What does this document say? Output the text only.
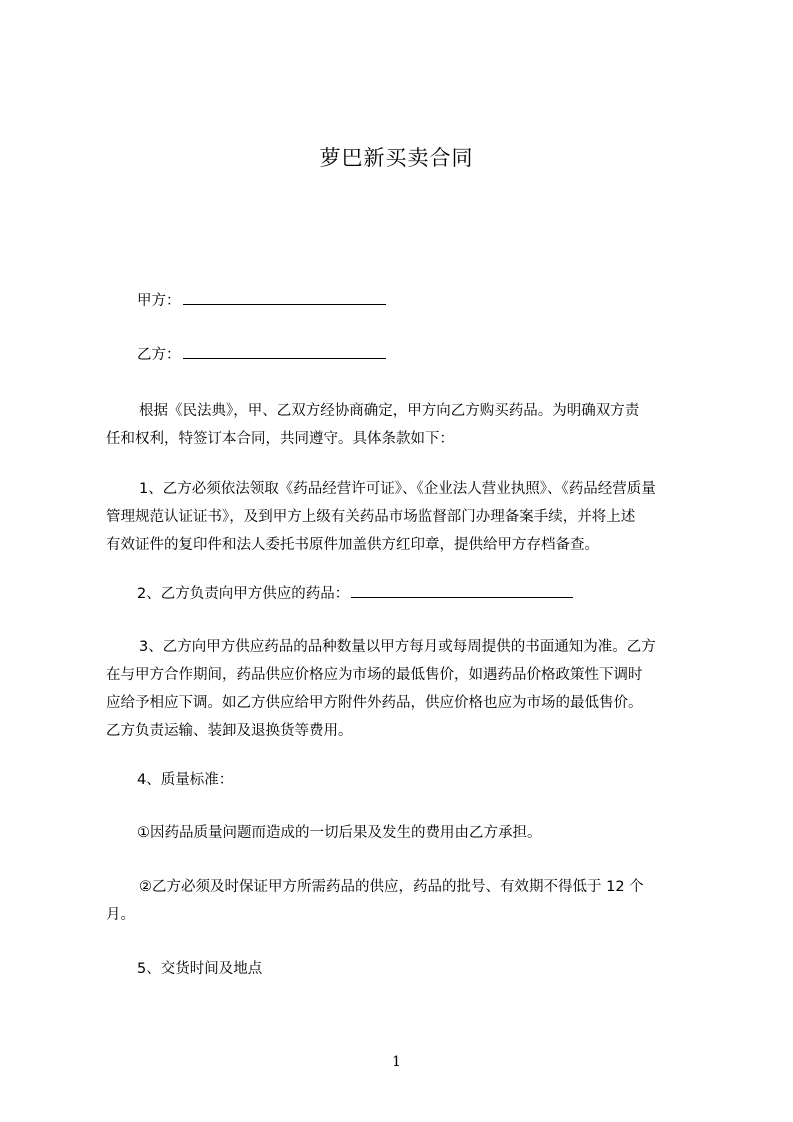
萝巴新买卖合同
甲方：
乙方：
根据《民法典》，甲、乙双方经协商确定，甲方向乙方购买药品。为明确双方责
任和权利，特签订本合同，共同遵守。具体条款如下：
1、乙方必须依法领取《药品经营许可证》、《企业法人营业执照》、《药品经营质量
管理规范认证证书》，及到甲方上级有关药品市场监督部门办理备案手续，并将上述
有效证件的复印件和法人委托书原件加盖供方红印章，提供给甲方存档备查。
2、乙方负责向甲方供应的药品：
3、乙方向甲方供应药品的品种数量以甲方每月或每周提供的书面通知为准。乙方
在与甲方合作期间，药品供应价格应为市场的最低售价，如遇药品价格政策性下调时
应给予相应下调。如乙方供应给甲方附件外药品，供应价格也应为市场的最低售价。
乙方负责运输、装卸及退换货等费用。
4、质量标准：
①因药品质量问题而造成的一切后果及发生的费用由乙方承担。
②乙方必须及时保证甲方所需药品的供应，药品的批号、有效期不得低于 12 个
月。
5、交货时间及地点
1
